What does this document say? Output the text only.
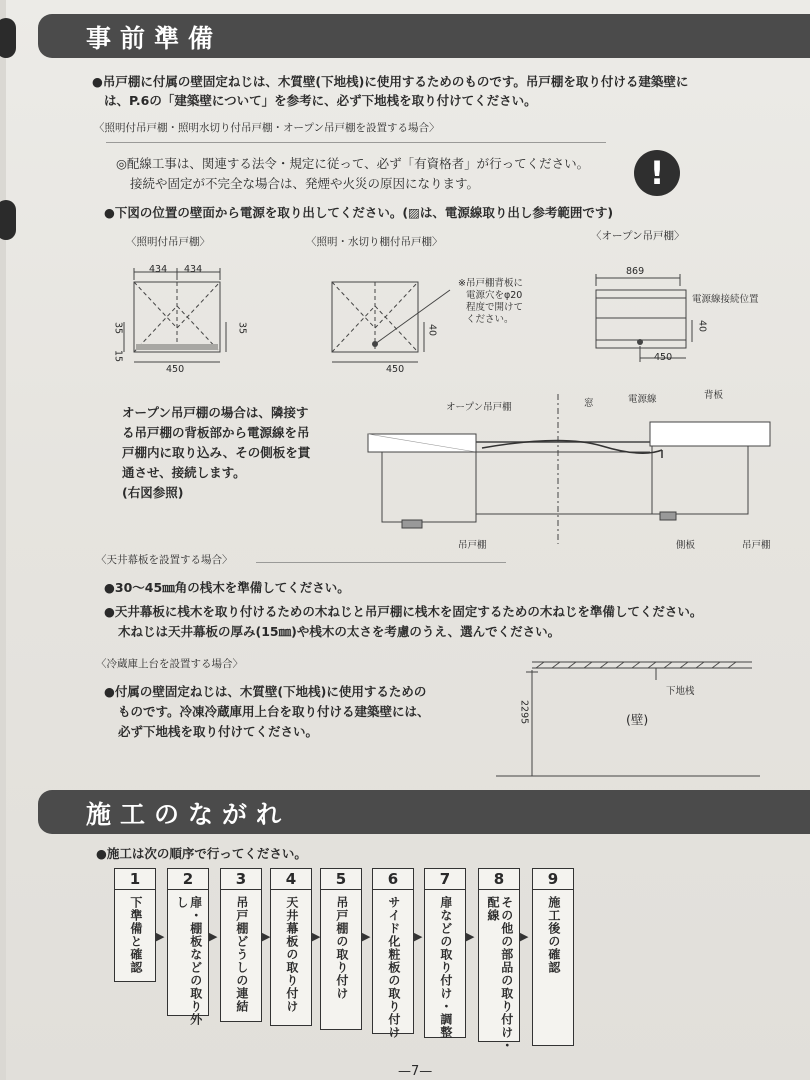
事前準備
●吊戸棚に付属の壁固定ねじは、木質壁(下地桟)に使用するためのものです。吊戸棚を取り付ける建築壁に
は、P.6の「建築壁について」を参考に、必ず下地桟を取り付けてください。
〈照明付吊戸棚・照明水切り付吊戸棚・オープン吊戸棚を設置する場合〉
◎配線工事は、関連する法令・規定に従って、必ず「有資格者」が行ってください。
接続や固定が不完全な場合は、発煙や火災の原因になります。	!
●下図の位置の壁面から電源を取り出してください。(▨は、電源線取り出し参考範囲です)
〈照明付吊戸棚〉	〈照明・水切り棚付吊戸棚〉	〈オープン吊戸棚〉
434 434
35	35
15
450
40
450
※吊戸棚背板に
電源穴をφ20
程度で開けて
ください。
869
電源線接続位置
40
450
オープン吊戸棚の場合は、隣接す
る吊戸棚の背板部から電源線を吊
戸棚内に取り込み、その側板を貫
通させ、接続します。
(右図参照)
オープン吊戸棚	窓	電源線	背板
吊戸棚	側板	吊戸棚
〈天井幕板を設置する場合〉
●30～45㎜角の桟木を準備してください。
●天井幕板に桟木を取り付けるための木ねじと吊戸棚に桟木を固定するための木ねじを準備してください。
木ねじは天井幕板の厚み(15㎜)や桟木の太さを考慮のうえ、選んでください。
〈冷蔵庫上台を設置する場合〉
●付属の壁固定ねじは、木質壁(下地桟)に使用するための
ものです。冷凍冷蔵庫用上台を取り付ける建築壁には、
必ず下地桟を取り付けてください。
下地桟
(壁)
2295
施工のながれ
●施工は次の順序で行ってください。
1
下準備と確認 ▶
2
扉・棚板などの取り外し
▶
3
吊戸棚どうしの連結 ▶
4
天井幕板の取り付け ▶
5
吊戸棚の取り付け ▶
6
サイド化粧板の取り付け ▶
7
扉などの取り付け・調整 ▶
8
その他の部品の取り付け・配線
▶
9
施工後の確認
—7—
